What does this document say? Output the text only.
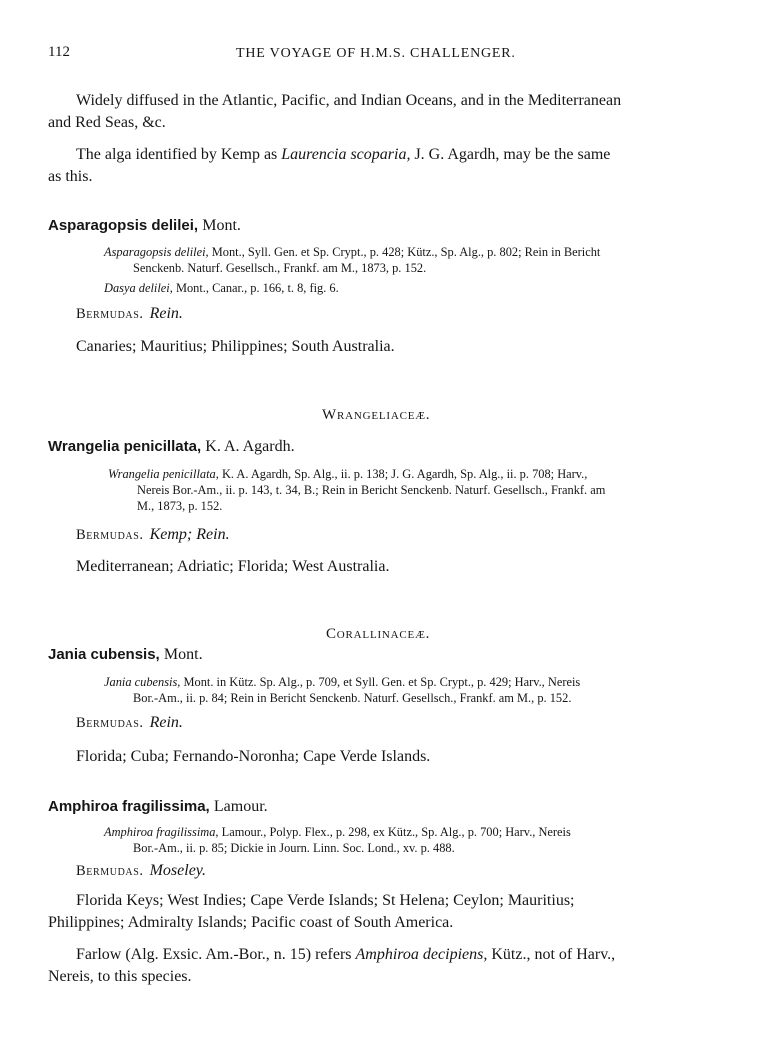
112	THE VOYAGE OF H.M.S. CHALLENGER.
Widely diffused in the Atlantic, Pacific, and Indian Oceans, and in the Mediterranean
and Red Seas, &c.
The alga identified by Kemp as Laurencia scoparia, J. G. Agardh, may be the same
as this.
Asparagopsis delilei, Mont.
Asparagopsis delilei, Mont., Syll. Gen. et Sp. Crypt., p. 428; Kütz., Sp. Alg., p. 802; Rein in Bericht
Senckenb. Naturf. Gesellsch., Frankf. am M., 1873, p. 152.
Dasya delilei, Mont., Canar., p. 166, t. 8, fig. 6.
Bermudas. Rein.
Canaries; Mauritius; Philippines; South Australia.
Wrangeliaceæ.
Wrangelia penicillata, K. A. Agardh.
Wrangelia penicillata, K. A. Agardh, Sp. Alg., ii. p. 138; J. G. Agardh, Sp. Alg., ii. p. 708; Harv.,
Nereis Bor.-Am., ii. p. 143, t. 34, B.; Rein in Bericht Senckenb. Naturf. Gesellsch., Frankf. am
M., 1873, p. 152.
Bermudas. Kemp; Rein.
Mediterranean; Adriatic; Florida; West Australia.
Corallinaceæ.
Jania cubensis, Mont.
Jania cubensis, Mont. in Kütz. Sp. Alg., p. 709, et Syll. Gen. et Sp. Crypt., p. 429; Harv., Nereis
Bor.-Am., ii. p. 84; Rein in Bericht Senckenb. Naturf. Gesellsch., Frankf. am M., p. 152.
Bermudas. Rein.
Florida; Cuba; Fernando-Noronha; Cape Verde Islands.
Amphiroa fragilissima, Lamour.
Amphiroa fragilissima, Lamour., Polyp. Flex., p. 298, ex Kütz., Sp. Alg., p. 700; Harv., Nereis
Bor.-Am., ii. p. 85; Dickie in Journ. Linn. Soc. Lond., xv. p. 488.
Bermudas. Moseley.
Florida Keys; West Indies; Cape Verde Islands; St Helena; Ceylon; Mauritius;
Philippines; Admiralty Islands; Pacific coast of South America.
Farlow (Alg. Exsic. Am.-Bor., n. 15) refers Amphiroa decipiens, Kütz., not of Harv.,
Nereis, to this species.
